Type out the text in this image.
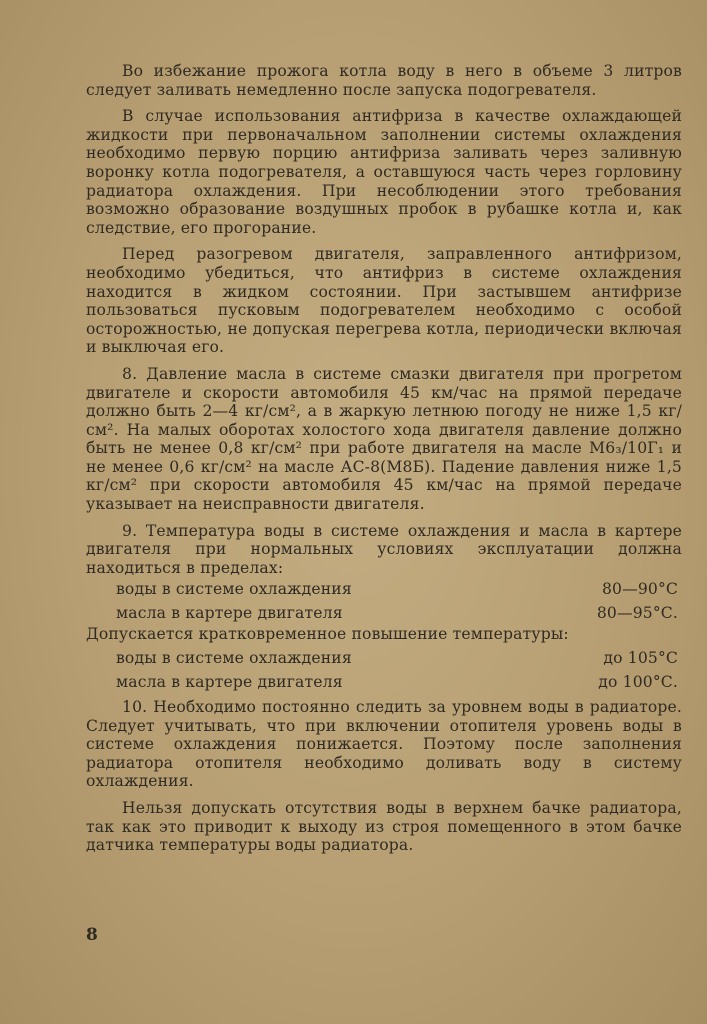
Во избежание прожога котла воду в него в объеме 3 литров следует заливать немедленно после запуска подогревателя.

В случае использования антифриза в качестве охлаждающей жидкости при первоначальном заполнении системы охлаждения необходимо первую порцию антифриза заливать через заливную воронку котла подогревателя, а оставшуюся часть через горловину радиатора охлаждения. При несоблюдении этого требования возможно образование воздушных пробок в рубашке котла и, как следствие, его прогорание.

Перед разогревом двигателя, заправленного антифризом, необходимо убедиться, что антифриз в системе охлаждения находится в жидком состоянии. При застывшем антифризе пользоваться пусковым подогревателем необходимо с особой осторожностью, не допуская перегрева котла, периодически включая и выключая его.

8. Давление масла в системе смазки двигателя при прогретом двигателе и скорости автомобиля 45 км/час на прямой передаче должно быть 2—4 кг/см², а в жаркую летнюю погоду не ниже 1,5 кг/см². На малых оборотах холостого хода двигателя давление должно быть не менее 0,8 кг/см² при работе двигателя на масле М6₃/10Г₁ и не менее 0,6 кг/см² на масле АС-8(М8Б). Падение давления ниже 1,5 кг/см² при скорости автомобиля 45 км/час на прямой передаче указывает на неисправности двигателя.

9. Температура воды в системе охлаждения и масла в картере двигателя при нормальных условиях эксплуатации должна находиться в пределах:

воды в системе охлаждения	80—90°С
масла в картере двигателя	80—95°С.

Допускается кратковременное повышение температуры:

воды в системе охлаждения	до 105°С
масла в картере двигателя	до 100°С.

10. Необходимо постоянно следить за уровнем воды в радиаторе. Следует учитывать, что при включении отопителя уровень воды в системе охлаждения понижается. Поэтому после заполнения радиатора отопителя необходимо доливать воду в систему охлаждения.

Нельзя допускать отсутствия воды в верхнем бачке радиатора, так как это приводит к выходу из строя помещенного в этом бачке датчика температуры воды радиатора.

8
